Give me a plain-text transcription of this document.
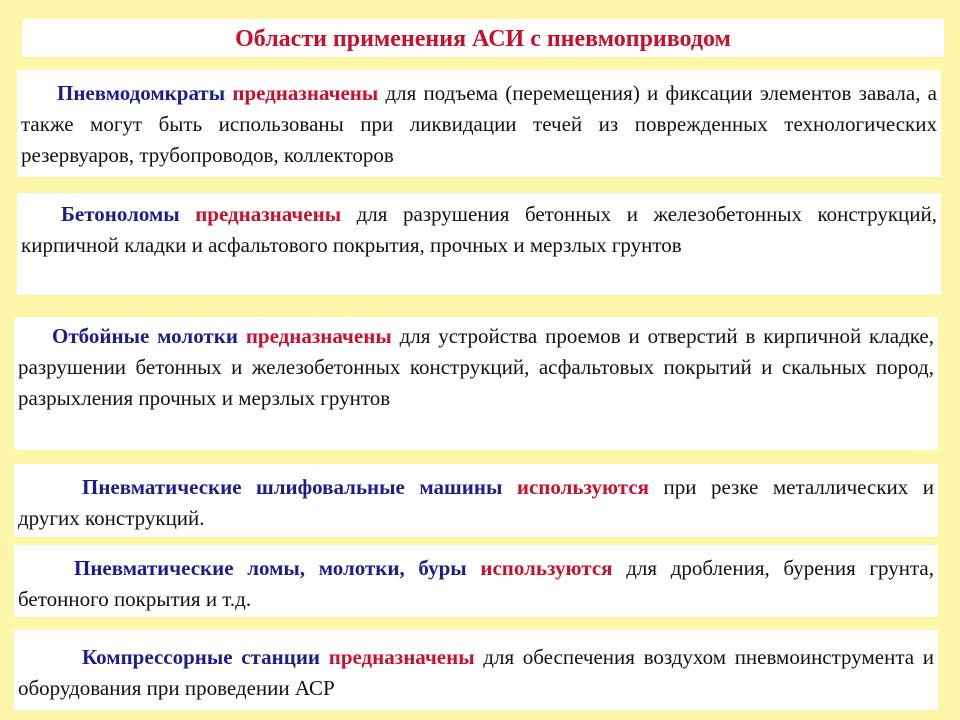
Области применения АСИ с пневмоприводом
Пневмодомкраты предназначены для подъема (перемещения) и фиксации элементов завала, а также могут быть использованы при ликвидации течей из поврежденных технологических резервуаров, трубопроводов, коллекторов
Бетоноломы предназначены для разрушения бетонных и железобетонных конструкций, кирпичной кладки и асфальтового покрытия, прочных и мерзлых грунтов
Отбойные молотки предназначены для устройства проемов и отверстий в кирпичной кладке, разрушении бетонных и железобетонных конструкций, асфальтовых покрытий и скальных пород, разрыхления прочных и мерзлых грунтов
Пневматические шлифовальные машины используются при резке металлических и других конструкций.
Пневматические ломы, молотки, буры используются для дробления, бурения грунта, бетонного покрытия и т.д.
Компрессорные станции предназначены для обеспечения воздухом пневмоинструмента и оборудования при проведении АСР
